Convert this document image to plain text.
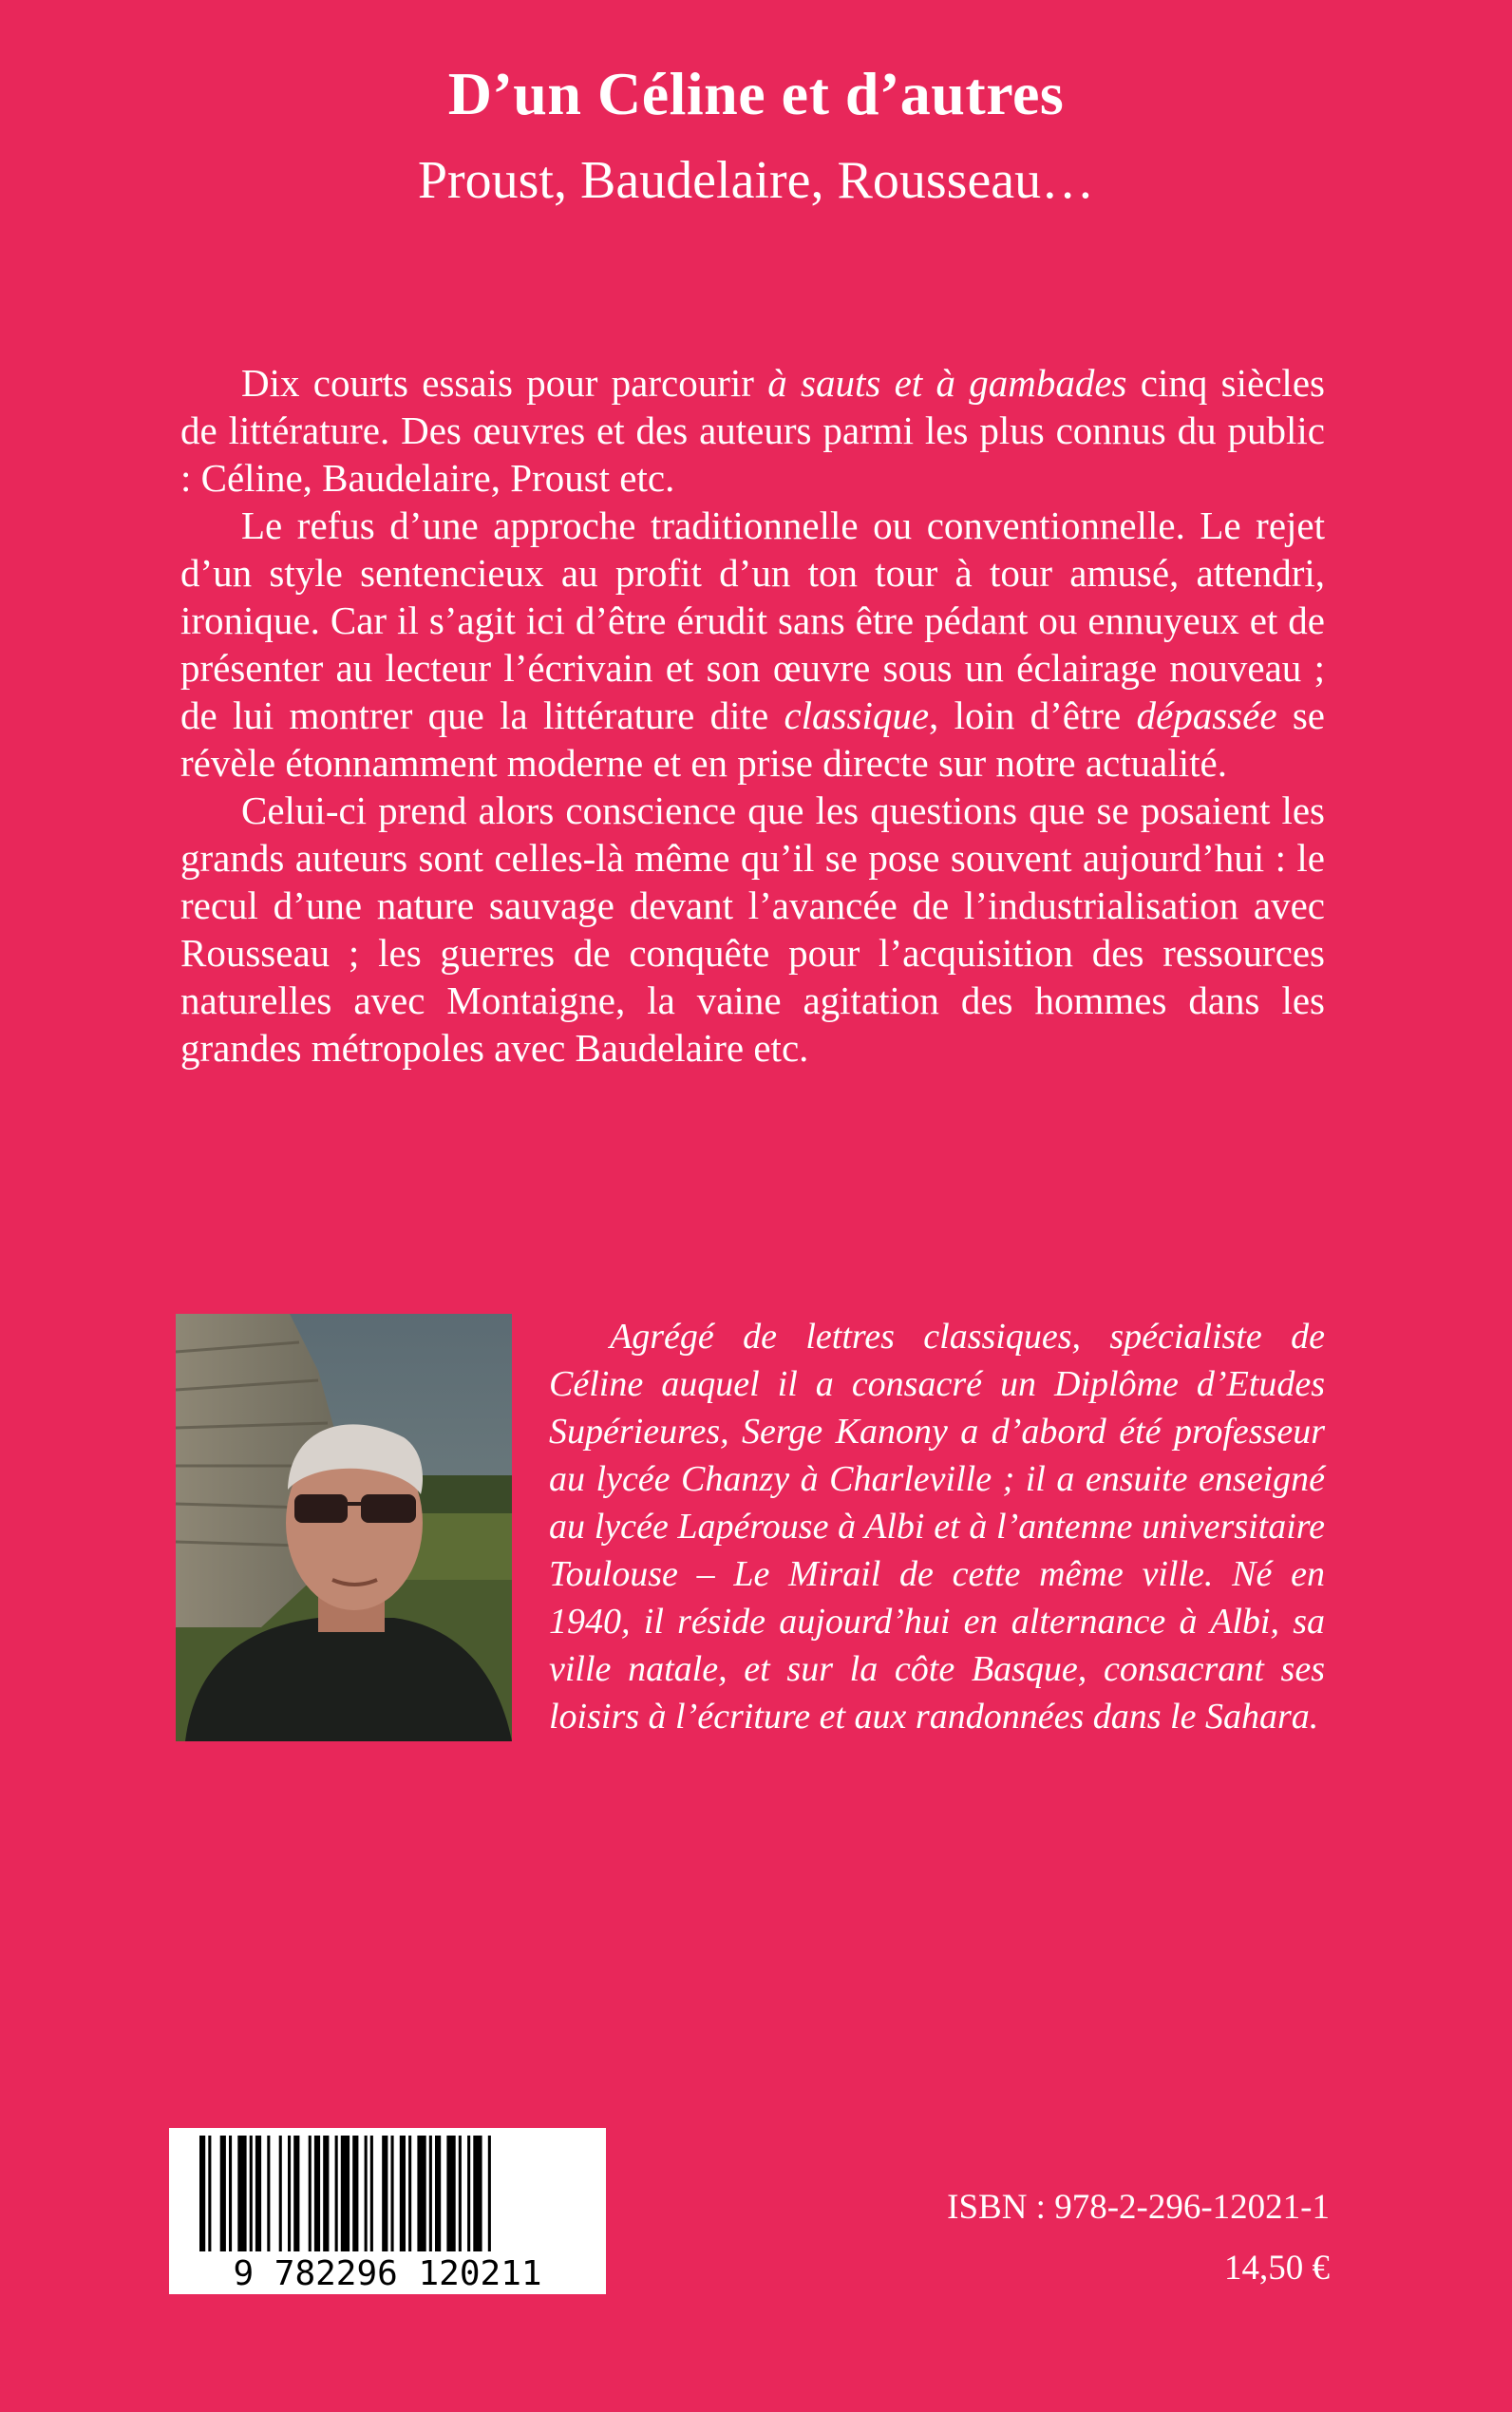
D’un Céline et d’autres
Proust, Baudelaire, Rousseau…

Dix courts essais pour parcourir à sauts et à gambades cinq siècles de littérature. Des œuvres et des auteurs parmi les plus connus du public : Céline, Baudelaire, Proust etc.

Le refus d’une approche traditionnelle ou conventionnelle. Le rejet d’un style sentencieux au profit d’un ton tour à tour amusé, attendri, ironique. Car il s’agit ici d’être érudit sans être pédant ou ennuyeux et de présenter au lecteur l’écrivain et son œuvre sous un éclairage nouveau ; de lui montrer que la littérature dite classique, loin d’être dépassée se révèle étonnamment moderne et en prise directe sur notre actualité.

Celui-ci prend alors conscience que les questions que se posaient les grands auteurs sont celles-là même qu’il se pose souvent aujourd’hui : le recul d’une nature sauvage devant l’avancée de l’industrialisation avec Rousseau ; les guerres de conquête pour l’acquisition des ressources naturelles avec Montaigne, la vaine agitation des hommes dans les grandes métropoles avec Baudelaire etc.

Agrégé de lettres classiques, spécialiste de Céline auquel il a consacré un Diplôme d’Etudes Supérieures, Serge Kanony a d’abord été professeur au lycée Chanzy à Charleville ; il a ensuite enseigné au lycée Lapérouse à Albi et à l’antenne universitaire Toulouse – Le Mirail de cette même ville. Né en 1940, il réside aujourd’hui en alternance à Albi, sa ville natale, et sur la côte Basque, consacrant ses loisirs à l’écriture et aux randonnées dans le Sahara.

9 782296 120211
ISBN : 978-2-296-12021-1
14,50 €
